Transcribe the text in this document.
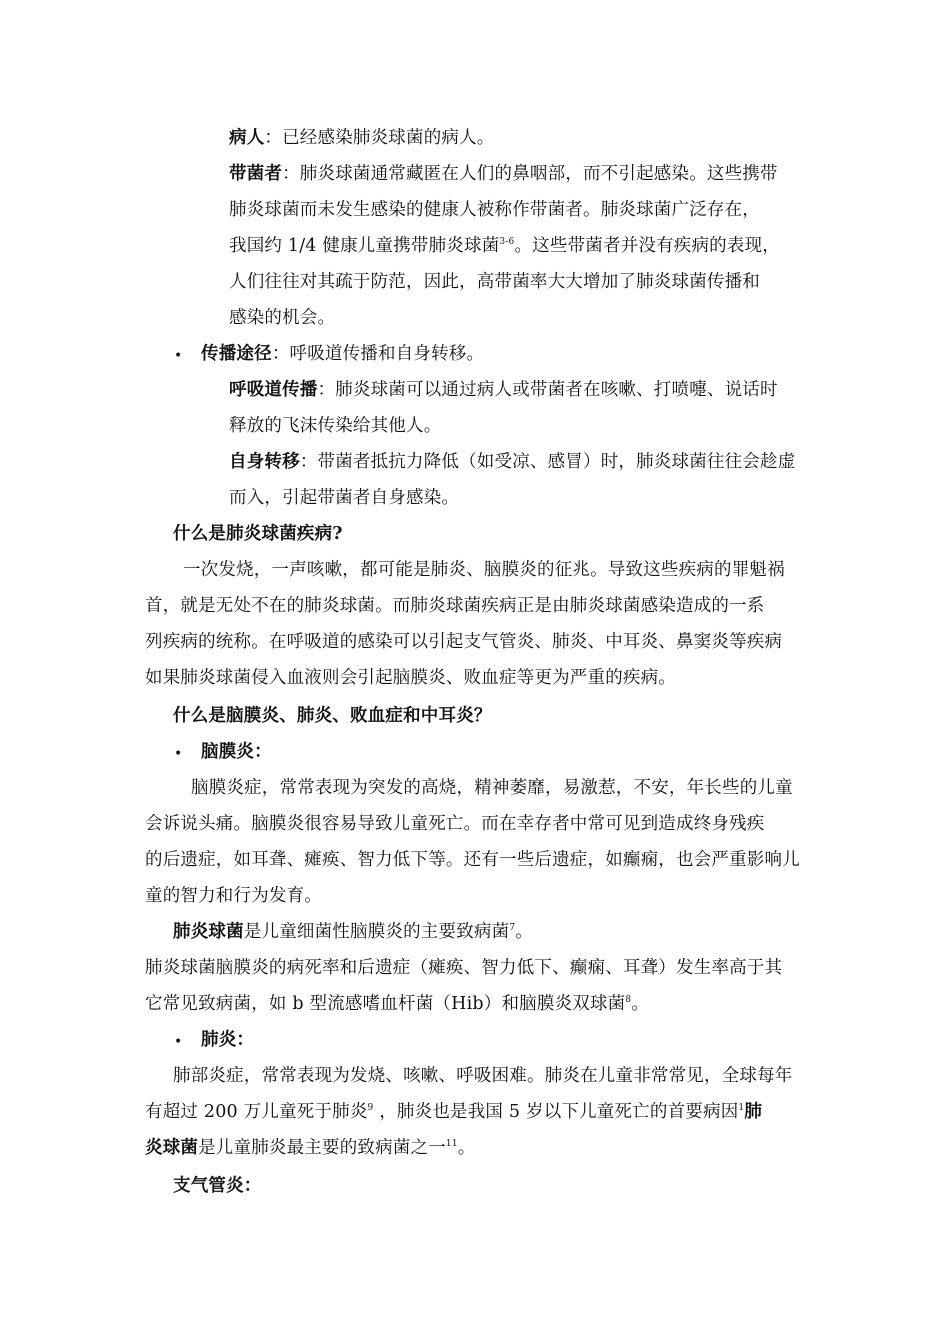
病人：已经感染肺炎球菌的病人。

带菌者：肺炎球菌通常藏匿在人们的鼻咽部，而不引起感染。这些携带

肺炎球菌而未发生感染的健康人被称作带菌者。肺炎球菌广泛存在，

我国约 1/4 健康儿童携带肺炎球菌$^{3-6}$。这些带菌者并没有疾病的表现，

人们往往对其疏于防范，因此，高带菌率大大增加了肺炎球菌传播和

感染的机会。

• 传播途径：呼吸道传播和自身转移。

呼吸道传播：肺炎球菌可以通过病人或带菌者在咳嗽、打喷嚏、说话时

释放的飞沫传染给其他人。

自身转移：带菌者抵抗力降低（如受凉、感冒）时，肺炎球菌往往会趁虚

而入，引起带菌者自身感染。

什么是肺炎球菌疾病?

一次发烧，一声咳嗽，都可能是肺炎、脑膜炎的征兆。导致这些疾病的罪魁祸

首，就是无处不在的肺炎球菌。而肺炎球菌疾病正是由肺炎球菌感染造成的一系

列疾病的统称。在呼吸道的感染可以引起支气管炎、肺炎、中耳炎、鼻窦炎等疾病

如果肺炎球菌侵入血液则会引起脑膜炎、败血症等更为严重的疾病。

什么是脑膜炎、肺炎、败血症和中耳炎？

• 脑膜炎：

脑膜炎症，常常表现为突发的高烧，精神萎靡，易激惹，不安，年长些的儿童

会诉说头痛。脑膜炎很容易导致儿童死亡。而在幸存者中常可见到造成终身残疾

的后遗症，如耳聋、瘫痪、智力低下等。还有一些后遗症，如癫痫，也会严重影响儿

童的智力和行为发育。

肺炎球菌是儿童细菌性脑膜炎的主要致病菌$^7$。

肺炎球菌脑膜炎的病死率和后遗症（瘫痪、智力低下、癫痫、耳聋）发生率高于其

它常见致病菌，如 b 型流感嗜血杆菌（Hib）和脑膜炎双球菌$^8$。

• 肺炎：

肺部炎症，常常表现为发烧、咳嗽、呼吸困难。肺炎在儿童非常常见，全球每年

有超过 200 万儿童死于肺炎$^9$ ，肺炎也是我国 5 岁以下儿童死亡的首要病因$^1$肺

炎球菌是儿童肺炎最主要的致病菌之一$^{11}$。

支气管炎：
